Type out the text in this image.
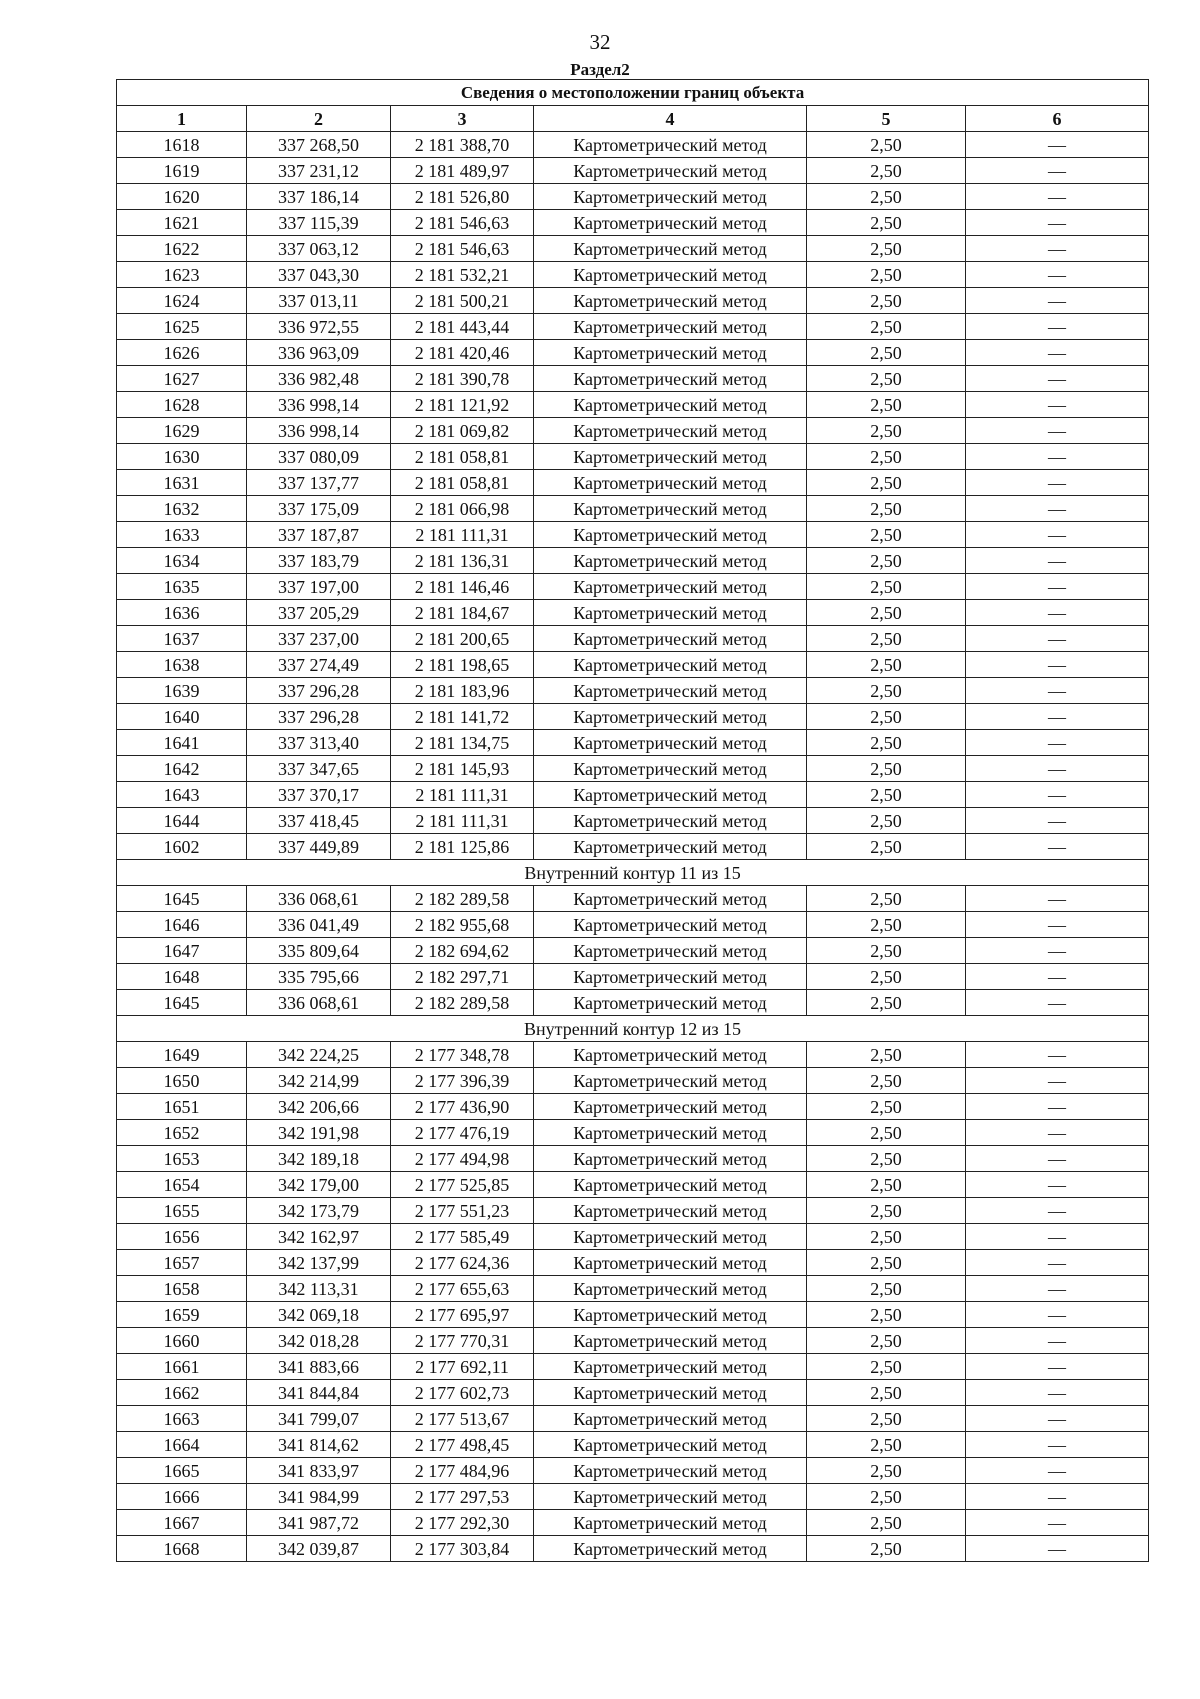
32
Раздел2
Сведения о местоположении границ объекта					
1	2	3	4	5	6
1618	337 268,50	2 181 388,70	Картометрический метод	2,50	—
1619	337 231,12	2 181 489,97	Картометрический метод	2,50	—
1620	337 186,14	2 181 526,80	Картометрический метод	2,50	—
1621	337 115,39	2 181 546,63	Картометрический метод	2,50	—
1622	337 063,12	2 181 546,63	Картометрический метод	2,50	—
1623	337 043,30	2 181 532,21	Картометрический метод	2,50	—
1624	337 013,11	2 181 500,21	Картометрический метод	2,50	—
1625	336 972,55	2 181 443,44	Картометрический метод	2,50	—
1626	336 963,09	2 181 420,46	Картометрический метод	2,50	—
1627	336 982,48	2 181 390,78	Картометрический метод	2,50	—
1628	336 998,14	2 181 121,92	Картометрический метод	2,50	—
1629	336 998,14	2 181 069,82	Картометрический метод	2,50	—
1630	337 080,09	2 181 058,81	Картометрический метод	2,50	—
1631	337 137,77	2 181 058,81	Картометрический метод	2,50	—
1632	337 175,09	2 181 066,98	Картометрический метод	2,50	—
1633	337 187,87	2 181 111,31	Картометрический метод	2,50	—
1634	337 183,79	2 181 136,31	Картометрический метод	2,50	—
1635	337 197,00	2 181 146,46	Картометрический метод	2,50	—
1636	337 205,29	2 181 184,67	Картометрический метод	2,50	—
1637	337 237,00	2 181 200,65	Картометрический метод	2,50	—
1638	337 274,49	2 181 198,65	Картометрический метод	2,50	—
1639	337 296,28	2 181 183,96	Картометрический метод	2,50	—
1640	337 296,28	2 181 141,72	Картометрический метод	2,50	—
1641	337 313,40	2 181 134,75	Картометрический метод	2,50	—
1642	337 347,65	2 181 145,93	Картометрический метод	2,50	—
1643	337 370,17	2 181 111,31	Картометрический метод	2,50	—
1644	337 418,45	2 181 111,31	Картометрический метод	2,50	—
1602	337 449,89	2 181 125,86	Картометрический метод	2,50	—
Внутренний контур 11 из 15					
1645	336 068,61	2 182 289,58	Картометрический метод	2,50	—
1646	336 041,49	2 182 955,68	Картометрический метод	2,50	—
1647	335 809,64	2 182 694,62	Картометрический метод	2,50	—
1648	335 795,66	2 182 297,71	Картометрический метод	2,50	—
1645	336 068,61	2 182 289,58	Картометрический метод	2,50	—
Внутренний контур 12 из 15					
1649	342 224,25	2 177 348,78	Картометрический метод	2,50	—
1650	342 214,99	2 177 396,39	Картометрический метод	2,50	—
1651	342 206,66	2 177 436,90	Картометрический метод	2,50	—
1652	342 191,98	2 177 476,19	Картометрический метод	2,50	—
1653	342 189,18	2 177 494,98	Картометрический метод	2,50	—
1654	342 179,00	2 177 525,85	Картометрический метод	2,50	—
1655	342 173,79	2 177 551,23	Картометрический метод	2,50	—
1656	342 162,97	2 177 585,49	Картометрический метод	2,50	—
1657	342 137,99	2 177 624,36	Картометрический метод	2,50	—
1658	342 113,31	2 177 655,63	Картометрический метод	2,50	—
1659	342 069,18	2 177 695,97	Картометрический метод	2,50	—
1660	342 018,28	2 177 770,31	Картометрический метод	2,50	—
1661	341 883,66	2 177 692,11	Картометрический метод	2,50	—
1662	341 844,84	2 177 602,73	Картометрический метод	2,50	—
1663	341 799,07	2 177 513,67	Картометрический метод	2,50	—
1664	341 814,62	2 177 498,45	Картометрический метод	2,50	—
1665	341 833,97	2 177 484,96	Картометрический метод	2,50	—
1666	341 984,99	2 177 297,53	Картометрический метод	2,50	—
1667	341 987,72	2 177 292,30	Картометрический метод	2,50	—
1668	342 039,87	2 177 303,84	Картометрический метод	2,50	—
